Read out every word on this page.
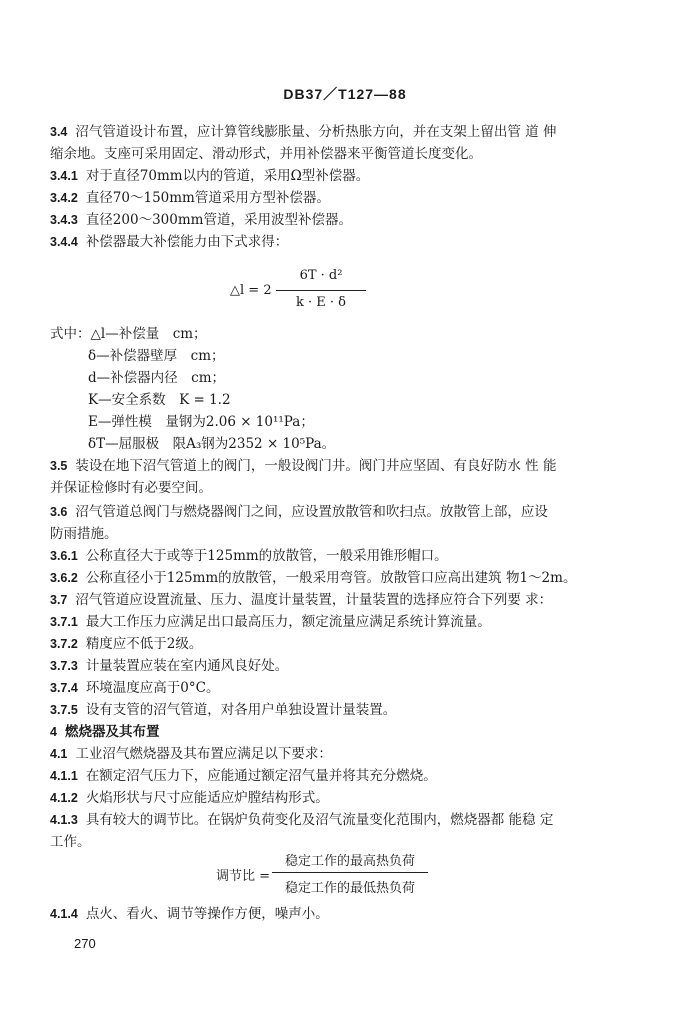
DB37／T127—88
3.4 沼气管道设计布置，应计算管线膨胀量、分析热胀方向，并在支架上留出管 道 伸
缩余地。支座可采用固定、滑动形式，并用补偿器来平衡管道长度变化。
3.4.1 对于直径70mm以内的管道，采用Ω型补偿器。
3.4.2 直径70～150mm管道采用方型补偿器。
3.4.3 直径200～300mm管道，采用波型补偿器。
3.4.4 补偿器最大补偿能力由下式求得：
△l = 2
6T · d²
k · E · δ
式中：△l—补偿量　cm；
δ—补偿器壁厚　cm；
d—补偿器内径　cm；
K—安全系数　K = 1.2
E—弹性模　量钢为2.06 × 10¹¹Pa；
δT—屈服极　限A₃钢为2352 × 10⁵Pa。
3.5 装设在地下沼气管道上的阀门，一般设阀门井。阀门井应坚固、有良好防水 性 能
并保证检修时有必要空间。
3.6 沼气管道总阀门与燃烧器阀门之间，应设置放散管和吹扫点。放散管上部，应设
防雨措施。
3.6.1 公称直径大于或等于125mm的放散管，一般采用锥形帽口。
3.6.2 公称直径小于125mm的放散管，一般采用弯管。放散管口应高出建筑 物1～2m。
3.7 沼气管道应设置流量、压力、温度计量装置，计量装置的选择应符合下列要 求：
3.7.1 最大工作压力应满足出口最高压力，额定流量应满足系统计算流量。
3.7.2 精度应不低于2级。
3.7.3 计量装置应装在室内通风良好处。
3.7.4 环境温度应高于0°C。
3.7.5 设有支管的沼气管道，对各用户单独设置计量装置。
4 燃烧器及其布置
4.1 工业沼气燃烧器及其布置应满足以下要求：
4.1.1 在额定沼气压力下，应能通过额定沼气量并将其充分燃烧。
4.1.2 火焰形状与尺寸应能适应炉膛结构形式。
4.1.3 具有较大的调节比。在锅炉负荷变化及沼气流量变化范围内，燃烧器都 能稳 定
工作。
调节比 =
稳定工作的最高热负荷
稳定工作的最低热负荷
4.1.4 点火、看火、调节等操作方便，噪声小。
270
